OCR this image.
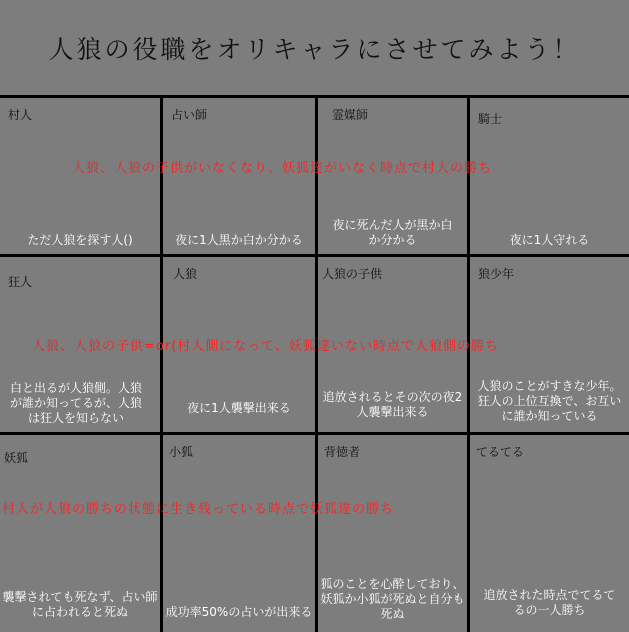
人狼の役職をオリキャラにさせてみよう！
村人
ただ人狼を探す人()
占い師
夜に1人黒か白か分かる
霊媒師
夜に死んだ人が黒か白か分かる
騎士
夜に1人守れる
人狼、人狼の子供がいなくなり、妖狐達がいなく時点で村人の勝ち
狂人
白と出るが人狼側。人狼が誰か知ってるが、人狼は狂人を知らない
人狼
夜に1人襲撃出来る
人狼の子供
追放されるとその次の夜2人襲撃出来る
狼少年
人狼のことがすきな少年。狂人の上位互換で、お互いに誰か知っている
人狼、人狼の子供=or(村人側になって、妖狐達いない時点で人狼側の勝ち
妖狐
襲撃されても死なず、占い師に占われると死ぬ
小狐
成功率50%の占いが出来る
背徳者
狐のことを心酔しており、妖狐か小狐が死ぬと自分も死ぬ
てるてる
追放された時点でてるてるの一人勝ち
村人が人狼の勝ちの状態に生き残っている時点で妖狐達の勝ち
